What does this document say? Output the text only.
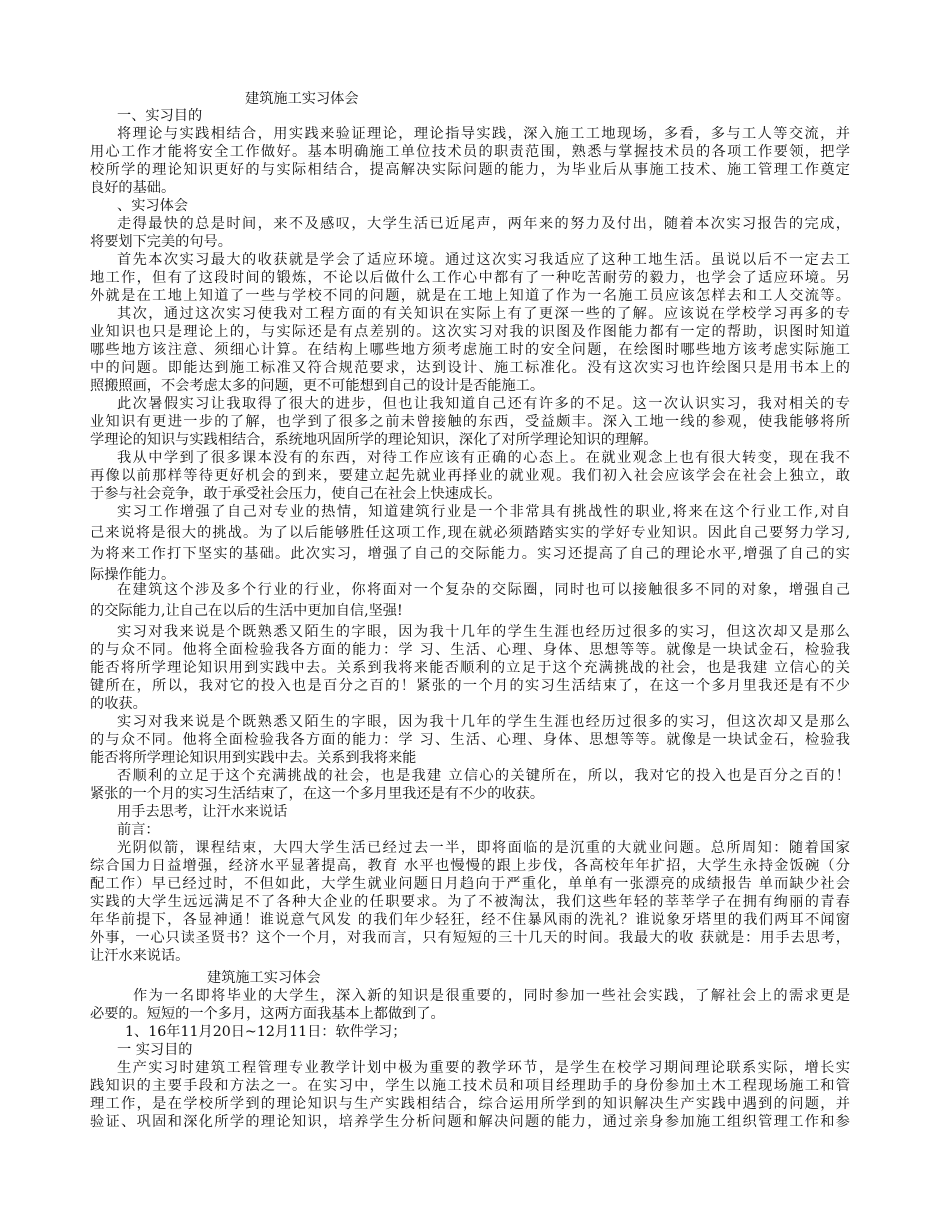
建筑施工实习体会
一、实习目的
将理论与实践相结合，用实践来验证理论，理论指导实践，深入施工工地现场，多看，多与工人等交流，并
用心工作才能将安全工作做好。基本明确施工单位技术员的职责范围，熟悉与掌握技术员的各项工作要领，把学
校所学的理论知识更好的与实际相结合，提高解决实际问题的能力，为毕业后从事施工技术、施工管理工作奠定
良好的基础。
、实习体会
走得最快的总是时间，来不及感叹，大学生活已近尾声，两年来的努力及付出，随着本次实习报告的完成，
将要划下完美的句号。
首先本次实习最大的收获就是学会了适应环境。通过这次实习我适应了这种工地生活。虽说以后不一定去工
地工作，但有了这段时间的锻炼，不论以后做什么工作心中都有了一种吃苦耐劳的毅力，也学会了适应环境。另
外就是在工地上知道了一些与学校不同的问题，就是在工地上知道了作为一名施工员应该怎样去和工人交流等。
其次，通过这次实习使我对工程方面的有关知识在实际上有了更深一些的了解。应该说在学校学习再多的专
业知识也只是理论上的，与实际还是有点差别的。这次实习对我的识图及作图能力都有一定的帮助，识图时知道
哪些地方该注意、须细心计算。在结构上哪些地方须考虑施工时的安全问题，在绘图时哪些地方该考虑实际施工
中的问题。即能达到施工标准又符合规范要求，达到设计、施工标准化。没有这次实习也许绘图只是用书本上的
照搬照画，不会考虑太多的问题，更不可能想到自己的设计是否能施工。
此次暑假实习让我取得了很大的进步，但也让我知道自己还有许多的不足。这一次认识实习，我对相关的专
业知识有更进一步的了解，也学到了很多之前未曾接触的东西，受益颇丰。深入工地一线的参观，使我能够将所
学理论的知识与实践相结合，系统地巩固所学的理论知识，深化了对所学理论知识的理解。
我从中学到了很多课本没有的东西，对待工作应该有正确的心态上。在就业观念上也有很大转变，现在我不
再像以前那样等待更好机会的到来，要建立起先就业再择业的就业观。我们初入社会应该学会在社会上独立，敢
于参与社会竞争，敢于承受社会压力，使自己在社会上快速成长。
实习工作增强了自己对专业的热情，知道建筑行业是一个非常具有挑战性的职业,将来在这个行业工作,对自
己来说将是很大的挑战。为了以后能够胜任这项工作,现在就必须踏踏实实的学好专业知识。因此自己要努力学习,
为将来工作打下坚实的基础。此次实习，增强了自己的交际能力。实习还提高了自己的理论水平,增强了自己的实
际操作能力。
在建筑这个涉及多个行业的行业，你将面对一个复杂的交际圈，同时也可以接触很多不同的对象，增强自己
的交际能力,让自己在以后的生活中更加自信,坚强!
实习对我来说是个既熟悉又陌生的字眼，因为我十几年的学生生涯也经历过很多的实习，但这次却又是那么
的与众不同。他将全面检验我各方面的能力：学 习、生活、心理、身体、思想等等。就像是一块试金石，检验我
能否将所学理论知识用到实践中去。关系到我将来能否顺利的立足于这个充满挑战的社会，也是我建 立信心的关
键所在，所以，我对它的投入也是百分之百的！紧张的一个月的实习生活结束了，在这一个多月里我还是有不少
的收获。
实习对我来说是个既熟悉又陌生的字眼，因为我十几年的学生生涯也经历过很多的实习，但这次却又是那么
的与众不同。他将全面检验我各方面的能力：学 习、生活、心理、身体、思想等等。就像是一块试金石，检验我
能否将所学理论知识用到实践中去。关系到我将来能
否顺利的立足于这个充满挑战的社会，也是我建 立信心的关键所在，所以，我对它的投入也是百分之百的！
紧张的一个月的实习生活结束了，在这一个多月里我还是有不少的收获。
用手去思考，让汗水来说话
前言：
光阴似箭，课程结束，大四大学生活已经过去一半，即将面临的是沉重的大就业问题。总所周知：随着国家
综合国力日益增强，经济水平显著提高，教育 水平也慢慢的跟上步伐，各高校年年扩招，大学生永持金饭碗（分
配工作）早已经过时，不但如此，大学生就业问题日月趋向于严重化，单单有一张漂亮的成绩报告 单而缺少社会
实践的大学生远远满足不了各种大企业的任职要求。为了不被淘汰，我们这些年轻的莘莘学子在拥有绚丽的青春
年华前提下，各显神通！谁说意气风发 的我们年少轻狂，经不住暴风雨的洗礼？谁说象牙塔里的我们两耳不闻窗
外事，一心只读圣贤书？这个一个月，对我而言，只有短短的三十几天的时间。我最大的收 获就是：用手去思考，
让汗水来说话。
建筑施工实习体会
作为一名即将毕业的大学生，深入新的知识是很重要的，同时参加一些社会实践，了解社会上的需求更是
必要的。短短的一个多月，这两方面我基本上都做到了。
1、16年11月20日~12月11日：软件学习；
一 实习目的
生产实习时建筑工程管理专业教学计划中极为重要的教学环节，是学生在校学习期间理论联系实际，增长实
践知识的主要手段和方法之一。在实习中，学生以施工技术员和项目经理助手的身份参加土木工程现场施工和管
理工作，是在学校所学到的理论知识与生产实践相结合，综合运用所学到的知识解决生产实践中遇到的问题，并
验证、巩固和深化所学的理论知识，培养学生分析问题和解决问题的能力，通过亲身参加施工组织管理工作和参
